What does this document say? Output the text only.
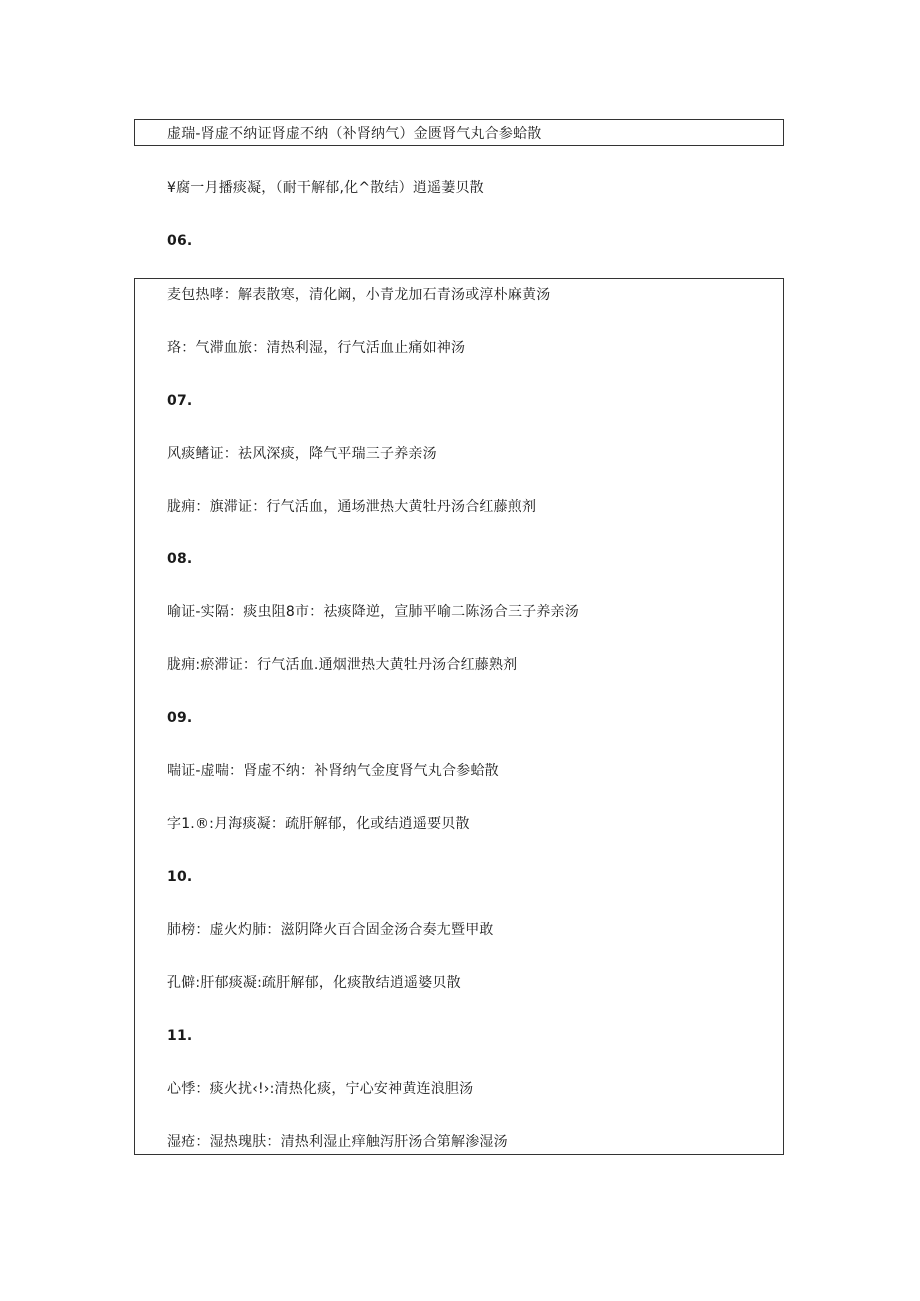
虚瑞-肾虚不纳证肾虚不纳（补肾纳气）金匮肾气丸合参蛤散
¥腐一月播痰凝，（耐干解郁,化^散结）逍遥萋贝散
06.
麦包热哮：解表散寒，清化阚，小青龙加石青汤或淳朴麻黄汤
珞：气滞血旅：清热利湿，行气活血止痛如神汤
07.
风痰鳍证：祛风深痰，降气平瑞三子养亲汤
胧痈：旗滞证：行气活血，通场泄热大黄牡丹汤合红藤煎剂
08.
喻证-实隔：痰虫阻8市：祛痰降逆，宣肺平喻二陈汤合三子养亲汤
胧痈:瘀滞证：行气活血.通烟泄热大黄牡丹汤合红藤熟剂
09.
喘证-虚喘：肾虚不纳：补肾纳气金度肾气丸合参蛤散
字1.®:月海痰凝：疏肝解郁，化或结逍遥要贝散
10.
肺榜：虚火灼肺：滋阴降火百合固金汤合奏尢暨甲敢
孔僻:肝郁痰凝:疏肝解郁，化痰散结逍遥婆贝散
11.
心悸：痰火扰‹!›:清热化痰，宁心安神黄连浪胆汤
湿疮：湿热瑰肤：清热利湿止痒触泻肝汤合第解渗湿汤
